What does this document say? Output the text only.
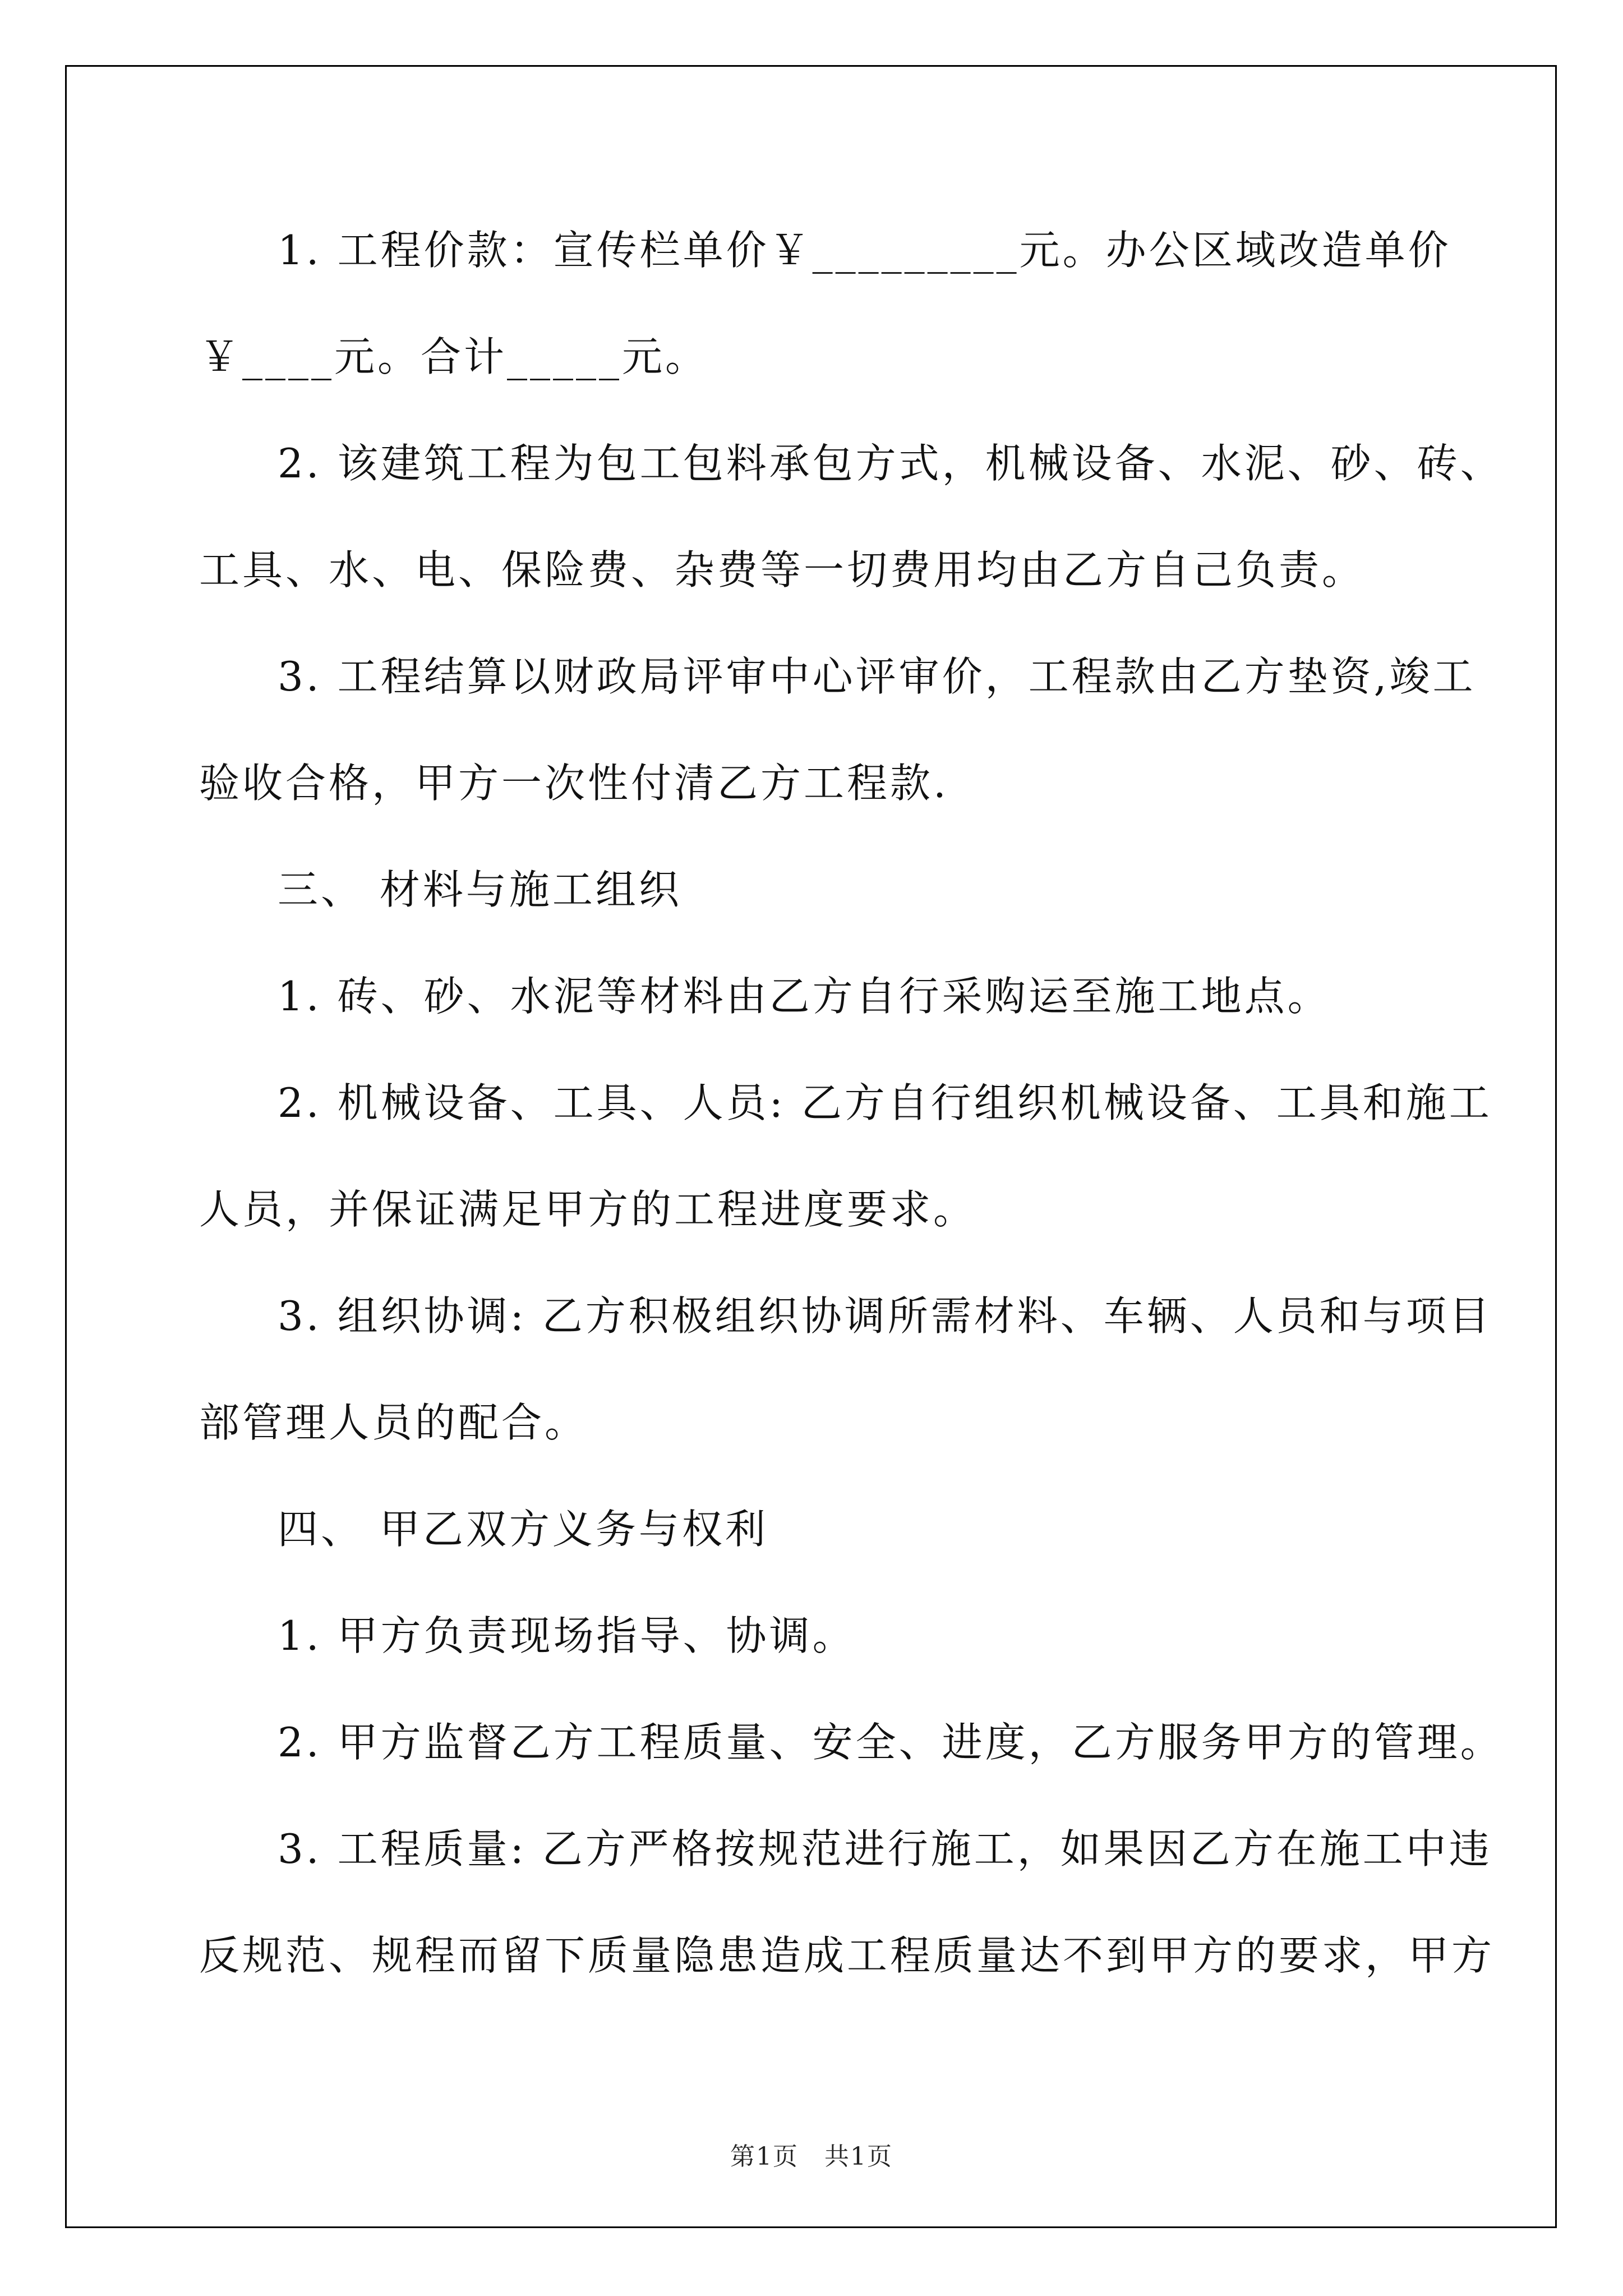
1. 工程价款：宣传栏单价￥_________元。办公区域改造单价
￥____元。合计_____元。
2. 该建筑工程为包工包料承包方式，机械设备、水泥、砂、砖、
工具、水、电、保险费、杂费等一切费用均由乙方自己负责。
3. 工程结算以财政局评审中心评审价，工程款由乙方垫资,竣工
验收合格，甲方一次性付清乙方工程款.
三、 材料与施工组织
1. 砖、砂、水泥等材料由乙方自行采购运至施工地点。
2. 机械设备、工具、人员: 乙方自行组织机械设备、工具和施工
人员，并保证满足甲方的工程进度要求。
3. 组织协调: 乙方积极组织协调所需材料、车辆、人员和与项目
部管理人员的配合。
四、 甲乙双方义务与权利
1. 甲方负责现场指导、协调。
2. 甲方监督乙方工程质量、安全、进度，乙方服务甲方的管理。
3. 工程质量: 乙方严格按规范进行施工，如果因乙方在施工中违
反规范、规程而留下质量隐患造成工程质量达不到甲方的要求，甲方
第1页　共1页
